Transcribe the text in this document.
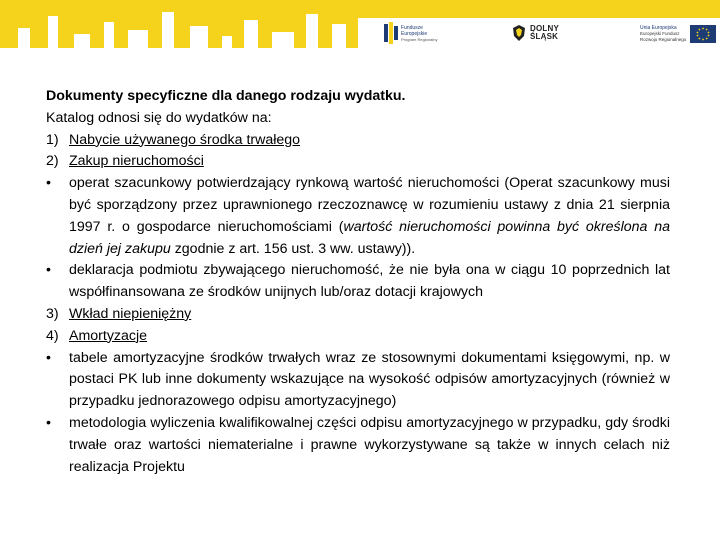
Fundusze
Europejskie
Program Regionalny
DOLNY
ŚLĄSK
Unia Europejska
Europejski Fundusz
Rozwoju Regionalnego

Dokumenty specyficzne dla danego rodzaju wydatku.

Katalog odnosi się do wydatków na:

1) Nabycie używanego środka trwałego
2) Zakup nieruchomości
•	operat szacunkowy potwierdzający rynkową wartość nieruchomości (Operat szacunkowy musi być sporządzony przez uprawnionego rzeczoznawcę w rozumieniu ustawy z dnia 21 sierpnia 1997 r. o gospodarce nieruchomościami (wartość nieruchomości powinna być określona na dzień jej zakupu zgodnie z art. 156 ust. 3 ww. ustawy)).
•	deklaracja podmiotu zbywającego nieruchomość, że nie była ona w ciągu 10 poprzednich lat współfinansowana ze środków unijnych lub/oraz dotacji krajowych
3) Wkład niepieniężny
4) Amortyzacje
•	tabele amortyzacyjne środków trwałych wraz ze stosownymi dokumentami księgowymi, np. w postaci PK lub inne dokumenty wskazujące na wysokość odpisów amortyzacyjnych (również w przypadku jednorazowego odpisu amortyzacyjnego)
•	metodologia wyliczenia kwalifikowalnej części odpisu amortyzacyjnego w przypadku, gdy środki trwałe oraz wartości niematerialne i prawne wykorzystywane są także w innych celach niż realizacja Projektu
